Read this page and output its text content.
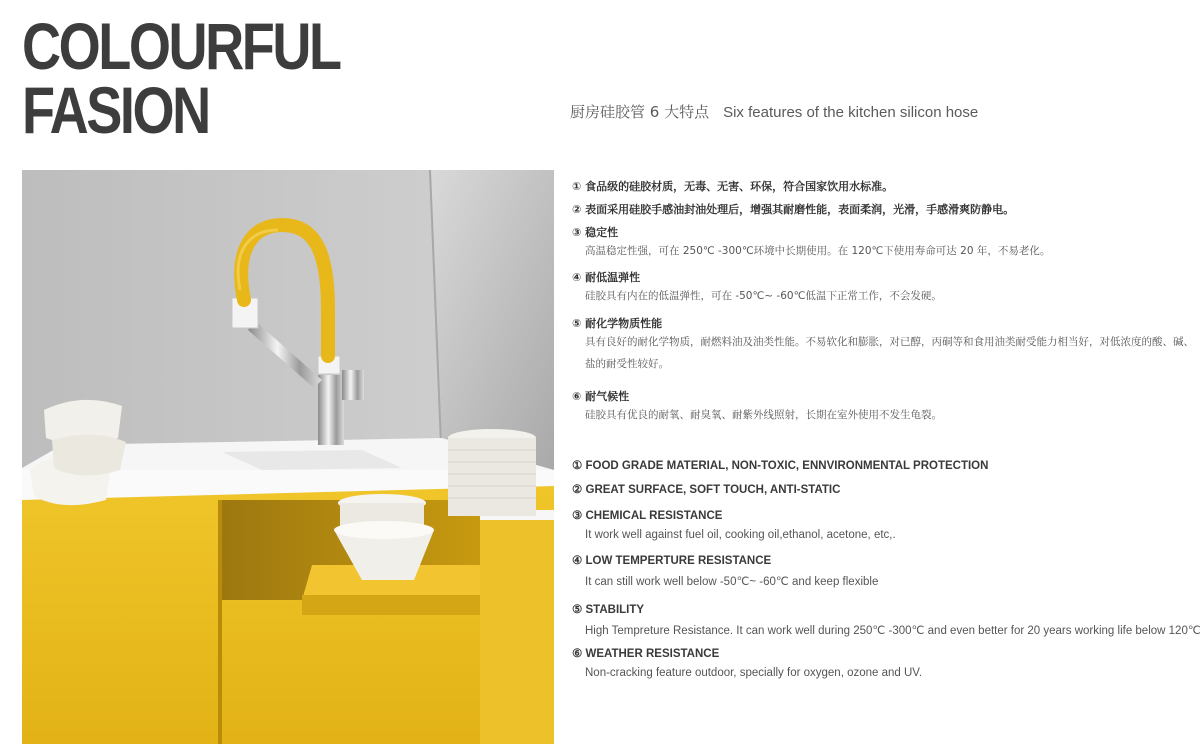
COLOURFUL
FASION	厨房硅胶管 6 大特点 Six features of the kitchen silicon hose
① 食品级的硅胶材质，无毒、无害、环保，符合国家饮用水标准。
② 表面采用硅胶手感油封油处理后，增强其耐磨性能，表面柔润，光滑，手感滑爽防静电。
③ 稳定性
高温稳定性强，可在 250℃ -300℃环境中长期使用。在 120℃下使用寿命可达 20 年，不易老化。
④ 耐低温弹性
硅胶具有内在的低温弹性，可在 -50℃~ -60℃低温下正常工作，不会发硬。
⑤ 耐化学物质性能
具有良好的耐化学物质，耐燃料油及油类性能。不易软化和膨胀，对已醇，丙硐等和食用油类耐受能力相当好，对低浓度的酸、碱、
盐的耐受性较好。
⑥ 耐气候性
硅胶具有优良的耐氧、耐臭氧、耐紫外线照射，长期在室外使用不发生龟裂。
① FOOD GRADE MATERIAL, NON-TOXIC, ENNVIRONMENTAL PROTECTION
② GREAT SURFACE, SOFT TOUCH, ANTI-STATIC
③ CHEMICAL RESISTANCE
It work well against fuel oil, cooking oil,ethanol, acetone, etc,.
④ LOW TEMPERTURE RESISTANCE
It can still work well below -50℃~ -60℃ and keep flexible
⑤ STABILITY
High Tempreture Resistance. It can work well during 250℃ -300℃ and even better for 20 years working life below 120℃
⑥ WEATHER RESISTANCE
Non-cracking feature outdoor, specially for oxygen, ozone and UV.
